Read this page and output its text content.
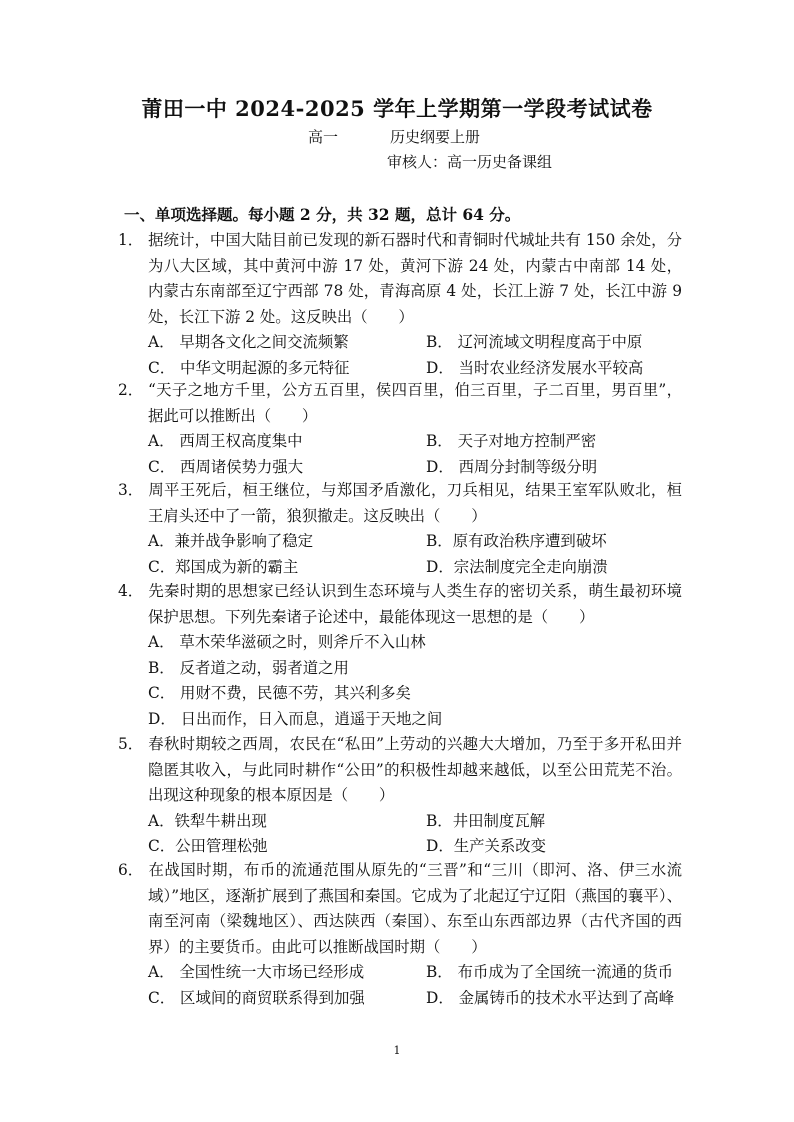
莆田一中 2024-2025 学年上学期第一学段考试试卷
高一	历史纲要上册
审核人：高一历史备课组
一、单项选择题。每小题 2 分，共 32 题，总计 64 分。
1． 据统计，中国大陆目前已发现的新石器时代和青铜时代城址共有 150 余处，分为八大区域，其中黄河中游 17 处，黄河下游 24 处，内蒙古中南部 14 处，内蒙古东南部至辽宁西部 78 处，青海高原 4 处，长江上游 7 处，长江中游 9 处，长江下游 2 处。这反映出（　　）
A． 早期各文化之间交流频繁	B． 辽河流域文明程度高于中原
C． 中华文明起源的多元特征	D． 当时农业经济发展水平较高
2． “天子之地方千里，公方五百里，侯四百里，伯三百里，子二百里，男百里”，据此可以推断出（　　）
A． 西周王权高度集中	B． 天子对地方控制严密
C． 西周诸侯势力强大	D． 西周分封制等级分明
3． 周平王死后，桓王继位，与郑国矛盾激化，刀兵相见，结果王室军队败北，桓王肩头还中了一箭，狼狈撤走。这反映出（　　）
A．兼并战争影响了稳定	B．原有政治秩序遭到破坏
C．郑国成为新的霸主	D．宗法制度完全走向崩溃
4． 先秦时期的思想家已经认识到生态环境与人类生存的密切关系，萌生最初环境保护思想。下列先秦诸子论述中，最能体现这一思想的是（　　）
A． 草木荣华滋硕之时，则斧斤不入山林
B． 反者道之动，弱者道之用
C． 用财不费，民德不劳，其兴利多矣
D． 日出而作，日入而息，逍遥于天地之间
5． 春秋时期较之西周，农民在“私田”上劳动的兴趣大大增加，乃至于多开私田并隐匿其收入，与此同时耕作“公田”的积极性却越来越低，以至公田荒芜不治。出现这种现象的根本原因是（　　）
A．铁犁牛耕出现	B．井田制度瓦解
C．公田管理松弛	D．生产关系改变
6． 在战国时期，布币的流通范围从原先的“三晋”和“三川（即河、洛、伊三水流域）”地区，逐渐扩展到了燕国和秦国。它成为了北起辽宁辽阳（燕国的襄平）、南至河南（梁魏地区）、西达陕西（秦国）、东至山东西部边界（古代齐国的西界）的主要货币。由此可以推断战国时期（　　）
A． 全国性统一大市场已经形成	B． 布币成为了全国统一流通的货币
C． 区域间的商贸联系得到加强	D． 金属铸币的技术水平达到了高峰
1
